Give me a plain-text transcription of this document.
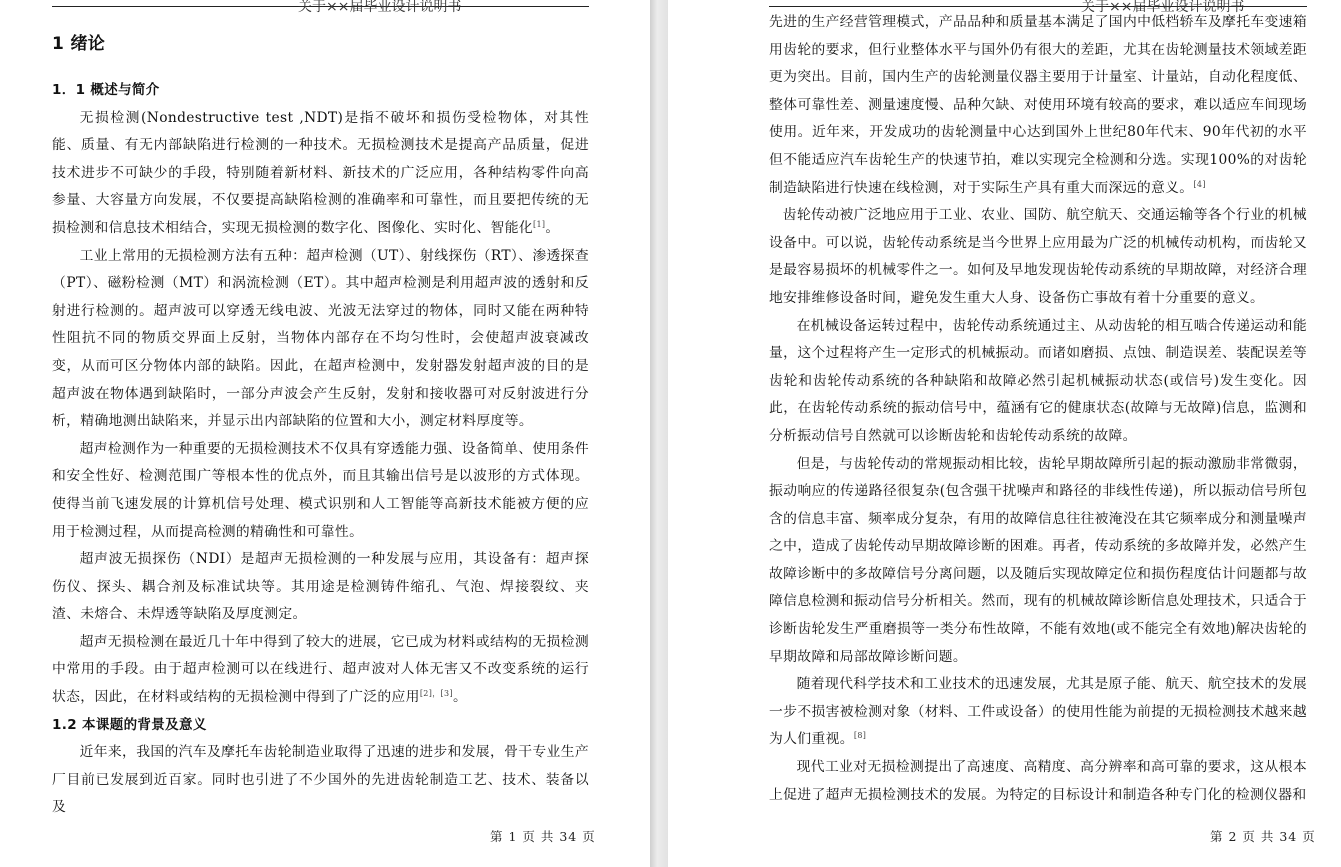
关于××届毕业设计说明书
1 绪论
1．1 概述与简介

无损检测(Nondestructive test ,NDT)是指不破坏和损伤受检物体，对其性能、质量、有无内部缺陷进行检测的一种技术。无损检测技术是提高产品质量，促进技术进步不可缺少的手段，特别随着新材料、新技术的广泛应用，各种结构零件向高参量、大容量方向发展，不仅要提高缺陷检测的准确率和可靠性，而且要把传统的无损检测和信息技术相结合，实现无损检测的数字化、图像化、实时化、智能化[1]。

工业上常用的无损检测方法有五种：超声检测（UT）、射线探伤（RT）、渗透探查（PT）、磁粉检测（MT）和涡流检测（ET）。其中超声检测是利用超声波的透射和反射进行检测的。超声波可以穿透无线电波、光波无法穿过的物体，同时又能在两种特性阻抗不同的物质交界面上反射，当物体内部存在不均匀性时，会使超声波衰减改变，从而可区分物体内部的缺陷。因此，在超声检测中，发射器发射超声波的目的是超声波在物体遇到缺陷时，一部分声波会产生反射，发射和接收器可对反射波进行分析，精确地测出缺陷来，并显示出内部缺陷的位置和大小，测定材料厚度等。

超声检测作为一种重要的无损检测技术不仅具有穿透能力强、设备简单、使用条件和安全性好、检测范围广等根本性的优点外，而且其输出信号是以波形的方式体现。使得当前飞速发展的计算机信号处理、模式识别和人工智能等高新技术能被方便的应用于检测过程，从而提高检测的精确性和可靠性。

超声波无损探伤（NDI）是超声无损检测的一种发展与应用，其设备有：超声探伤仪、探头、耦合剂及标准试块等。其用途是检测铸件缩孔、气泡、焊接裂纹、夹渣、未熔合、未焊透等缺陷及厚度测定。

超声无损检测在最近几十年中得到了较大的进展，它已成为材料或结构的无损检测中常用的手段。由于超声检测可以在线进行、超声波对人体无害又不改变系统的运行状态，因此，在材料或结构的无损检测中得到了广泛的应用[2]，[3]。

1.2 本课题的背景及意义

近年来，我国的汽车及摩托车齿轮制造业取得了迅速的进步和发展，骨干专业生产厂目前已发展到近百家。同时也引进了不少国外的先进齿轮制造工艺、技术、装备以及

第 1 页 共 34 页
关于××届毕业设计说明书

先进的生产经营管理模式，产品品种和质量基本满足了国内中低档轿车及摩托车变速箱用齿轮的要求，但行业整体水平与国外仍有很大的差距，尤其在齿轮测量技术领域差距更为突出。目前，国内生产的齿轮测量仪器主要用于计量室、计量站，自动化程度低、整体可靠性差、测量速度慢、品种欠缺、对使用环境有较高的要求，难以适应车间现场使用。近年来，开发成功的齿轮测量中心达到国外上世纪80年代末、90年代初的水平但不能适应汽车齿轮生产的快速节拍，难以实现完全检测和分选。实现100%的对齿轮制造缺陷进行快速在线检测，对于实际生产具有重大而深远的意义。[4]

齿轮传动被广泛地应用于工业、农业、国防、航空航天、交通运输等各个行业的机械设备中。可以说，齿轮传动系统是当今世界上应用最为广泛的机械传动机构，而齿轮又是最容易损坏的机械零件之一。如何及早地发现齿轮传动系统的早期故障，对经济合理地安排维修设备时间，避免发生重大人身、设备伤亡事故有着十分重要的意义。

在机械设备运转过程中，齿轮传动系统通过主、从动齿轮的相互啮合传递运动和能量，这个过程将产生一定形式的机械振动。而诸如磨损、点蚀、制造误差、装配误差等齿轮和齿轮传动系统的各种缺陷和故障必然引起机械振动状态(或信号)发生变化。因此，在齿轮传动系统的振动信号中，蕴涵有它的健康状态(故障与无故障)信息，监测和分析振动信号自然就可以诊断齿轮和齿轮传动系统的故障。

但是，与齿轮传动的常规振动相比较，齿轮早期故障所引起的振动激励非常微弱，振动响应的传递路径很复杂(包含强干扰噪声和路径的非线性传递)，所以振动信号所包含的信息丰富、频率成分复杂，有用的故障信息往往被淹没在其它频率成分和测量噪声之中，造成了齿轮传动早期故障诊断的困难。再者，传动系统的多故障并发，必然产生故障诊断中的多故障信号分离问题，以及随后实现故障定位和损伤程度估计问题都与故障信息检测和振动信号分析相关。然而，现有的机械故障诊断信息处理技术，只适合于诊断齿轮发生严重磨损等一类分布性故障，不能有效地(或不能完全有效地)解决齿轮的早期故障和局部故障诊断问题。

随着现代科学技术和工业技术的迅速发展，尤其是原子能、航天、航空技术的发展一步不损害被检测对象（材料、工件或设备）的使用性能为前提的无损检测技术越来越为人们重视。[8]

现代工业对无损检测提出了高速度、高精度、高分辨率和高可靠的要求，这从根本上促进了超声无损检测技术的发展。为特定的目标设计和制造各种专门化的检测仪器和

第 2 页 共 34 页
